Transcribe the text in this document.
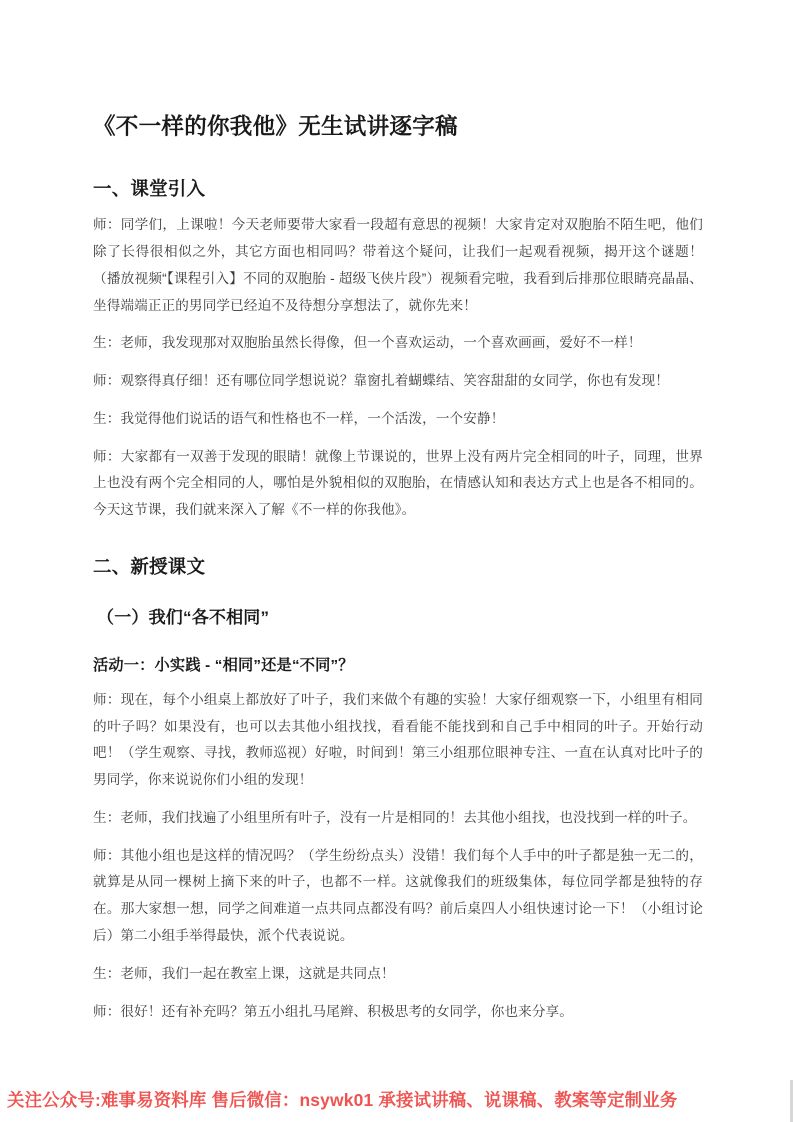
《不一样的你我他》无生试讲逐字稿
一、课堂引入

师：同学们，上课啦！今天老师要带大家看一段超有意思的视频！大家肯定对双胞胎不陌生吧，他们除了长得很相似之外，其它方面也相同吗？带着这个疑问，让我们一起观看视频，揭开这个谜题！（播放视频“【课程引入】不同的双胞胎 - 超级飞侠片段”）视频看完啦，我看到后排那位眼睛亮晶晶、坐得端端正正的男同学已经迫不及待想分享想法了，就你先来！

生：老师，我发现那对双胞胎虽然长得像，但一个喜欢运动，一个喜欢画画，爱好不一样！

师：观察得真仔细！还有哪位同学想说说？靠窗扎着蝴蝶结、笑容甜甜的女同学，你也有发现！

生：我觉得他们说话的语气和性格也不一样，一个活泼，一个安静！

师：大家都有一双善于发现的眼睛！就像上节课说的，世界上没有两片完全相同的叶子，同理，世界上也没有两个完全相同的人，哪怕是外貌相似的双胞胎，在情感认知和表达方式上也是各不相同的。今天这节课，我们就来深入了解《不一样的你我他》。

二、新授课文
（一）我们“各不相同”
活动一：小实践 - “相同”还是“不同”？

师：现在，每个小组桌上都放好了叶子，我们来做个有趣的实验！大家仔细观察一下，小组里有相同的叶子吗？如果没有，也可以去其他小组找找，看看能不能找到和自己手中相同的叶子。开始行动吧！（学生观察、寻找，教师巡视）好啦，时间到！第三小组那位眼神专注、一直在认真对比叶子的男同学，你来说说你们小组的发现！

生：老师，我们找遍了小组里所有叶子，没有一片是相同的！去其他小组找，也没找到一样的叶子。

师：其他小组也是这样的情况吗？（学生纷纷点头）没错！我们每个人手中的叶子都是独一无二的，就算是从同一棵树上摘下来的叶子，也都不一样。这就像我们的班级集体，每位同学都是独特的存在。那大家想一想，同学之间难道一点共同点都没有吗？前后桌四人小组快速讨论一下！（小组讨论后）第二小组手举得最快，派个代表说说。

生：老师，我们一起在教室上课，这就是共同点！

师：很好！还有补充吗？第五小组扎马尾辫、积极思考的女同学，你也来分享。

关注公众号:难事易资料库 售后微信：nsywk01 承接试讲稿、说课稿、教案等定制业务
